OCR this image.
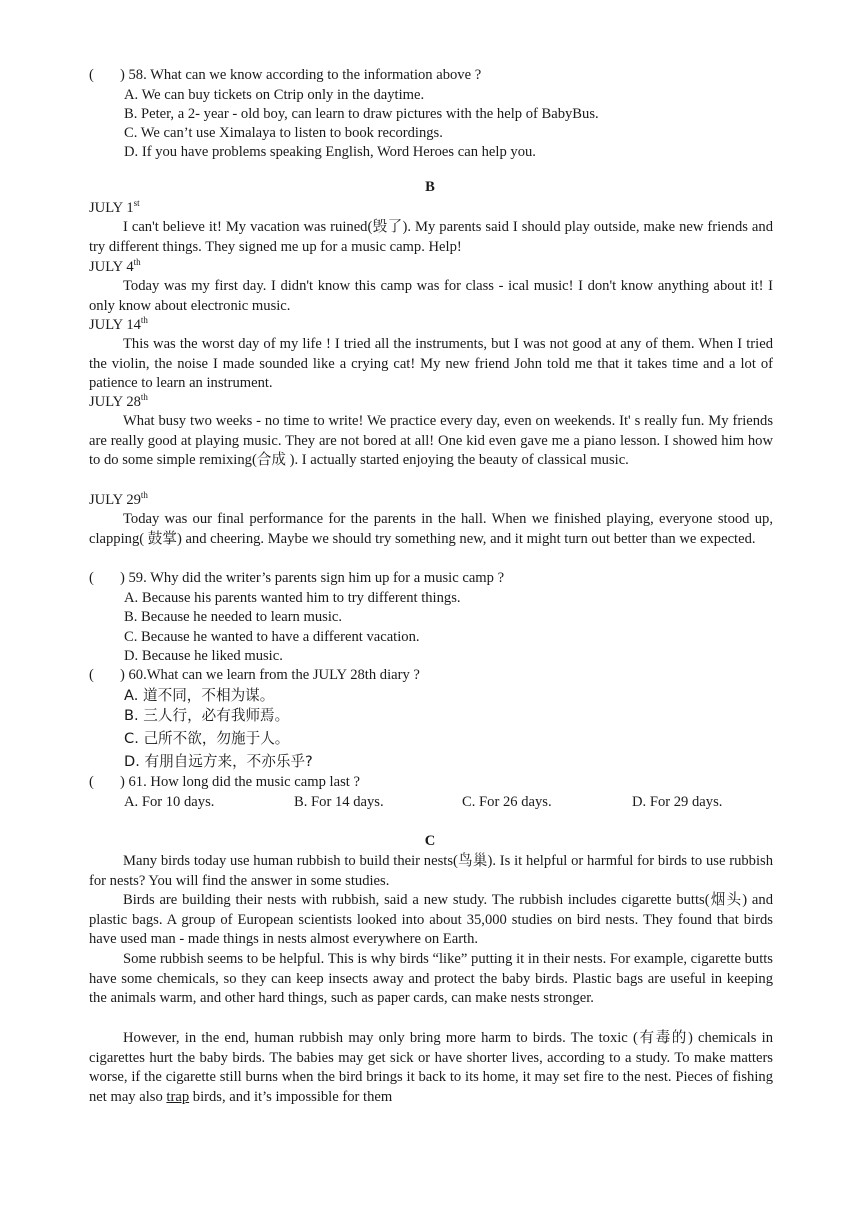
( ) 58. What can we know according to the information above ?
A. We can buy tickets on Ctrip only in the daytime.
B. Peter, a 2- year - old boy, can learn to draw pictures with the help of BabyBus.
C. We can’t use Ximalaya to listen to book recordings.
D. If you have problems speaking English, Word Heroes can help you.
B
JULY 1st
I can't believe it! My vacation was ruined(毁了). My parents said I should play outside, make new friends and try different things. They signed me up for a music camp. Help!
JULY 4th
Today was my first day. I didn't know this camp was for class - ical music! I don't know anything about it! I only know about electronic music.
JULY 14th
This was the worst day of my life ! I tried all the instruments, but I was not good at any of them. When I tried the violin, the noise I made sounded like a crying cat! My new friend John told me that it takes time and a lot of patience to learn an instrument.
JULY 28th
What busy two weeks - no time to write! We practice every day, even on weekends. It' s really fun. My friends are really good at playing music. They are not bored at all! One kid even gave me a piano lesson. I showed him how to do some simple remixing(合成 ). I actually started enjoying the beauty of classical music.
JULY 29th
Today was our final performance for the parents in the hall. When we finished playing, everyone stood up, clapping( 鼓掌) and cheering. Maybe we should try something new, and it might turn out better than we expected.
( ) 59. Why did the writer’s parents sign him up for a music camp ?
A. Because his parents wanted him to try different things.
B. Because he needed to learn music.
C. Because he wanted to have a different vacation.
D. Because he liked music.
( ) 60.What can we learn from the JULY 28th diary ?
A. 道不同，不相为谋。
B. 三人行，必有我师焉。
C. 己所不欲，勿施于人。
D. 有朋自远方来，不亦乐乎?
( ) 61. How long did the music camp last ?
A. For 10 days.	B. For 14 days.	C. For 26 days.	D. For 29 days.
C
Many birds today use human rubbish to build their nests(鸟巢). Is it helpful or harmful for birds to use rubbish for nests? You will find the answer in some studies.
Birds are building their nests with rubbish, said a new study. The rubbish includes cigarette butts(烟头) and plastic bags. A group of European scientists looked into about 35,000 studies on bird nests. They found that birds have used man - made things in nests almost everywhere on Earth.
Some rubbish seems to be helpful. This is why birds “like” putting it in their nests. For example, cigarette butts have some chemicals, so they can keep insects away and protect the baby birds. Plastic bags are useful in keeping the animals warm, and other hard things, such as paper cards, can make nests stronger.
However, in the end, human rubbish may only bring more harm to birds. The toxic (有毒的) chemicals in cigarettes hurt the baby birds. The babies may get sick or have shorter lives, according to a study. To make matters worse, if the cigarette still burns when the bird brings it back to its home, it may set fire to the nest. Pieces of fishing net may also trap birds, and it’s impossible for them
